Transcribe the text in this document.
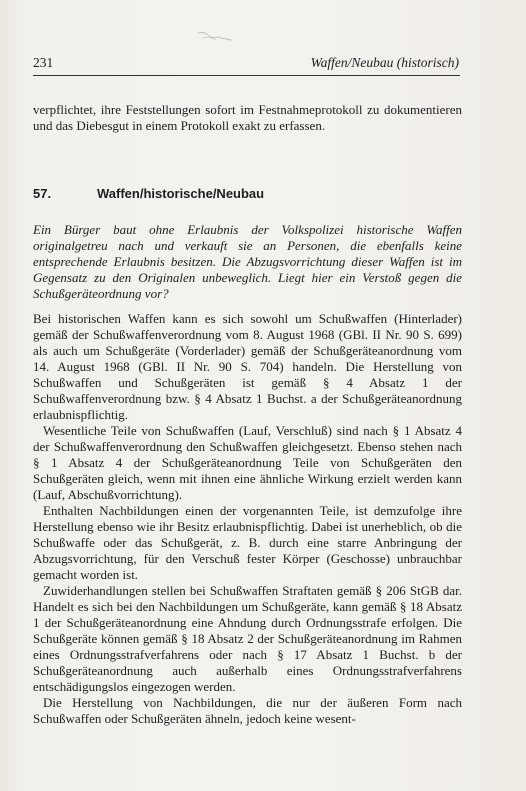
231	Waffen/Neubau (historisch)
verpflichtet, ihre Feststellungen sofort im Festnahmeprotokoll zu dokumentieren und das Diebesgut in einem Protokoll exakt zu erfassen.
57.	Waffen/historische/Neubau
Ein Bürger baut ohne Erlaubnis der Volkspolizei historische Waffen originalgetreu nach und verkauft sie an Personen, die ebenfalls keine entsprechende Erlaubnis besitzen. Die Abzugsvorrichtung dieser Waffen ist im Gegensatz zu den Originalen unbeweglich. Liegt hier ein Verstoß gegen die Schußgeräteordnung vor?

Bei historischen Waffen kann es sich sowohl um Schußwaffen (Hinterlader) gemäß der Schußwaffenverordnung vom 8. August 1968 (GBl. II Nr. 90 S. 699) als auch um Schußgeräte (Vorderlader) gemäß der Schußgeräteanordnung vom 14. August 1968 (GBl. II Nr. 90 S. 704) handeln. Die Herstellung von Schußwaffen und Schußgeräten ist gemäß § 4 Absatz 1 der Schußwaffenverordnung bzw. § 4 Absatz 1 Buchst. a der Schußgeräteanordnung erlaubnispflichtig.

Wesentliche Teile von Schußwaffen (Lauf, Verschluß) sind nach § 1 Absatz 4 der Schußwaffenverordnung den Schußwaffen gleichgesetzt. Ebenso stehen nach § 1 Absatz 4 der Schußgeräteanordnung Teile von Schußgeräten den Schußgeräten gleich, wenn mit ihnen eine ähnliche Wirkung erzielt werden kann (Lauf, Abschußvorrichtung).

Enthalten Nachbildungen einen der vorgenannten Teile, ist demzufolge ihre Herstellung ebenso wie ihr Besitz erlaubnispflichtig. Dabei ist unerheblich, ob die Schußwaffe oder das Schußgerät, z. B. durch eine starre Anbringung der Abzugsvorrichtung, für den Verschuß fester Körper (Geschosse) unbrauchbar gemacht worden ist.

Zuwiderhandlungen stellen bei Schußwaffen Straftaten gemäß § 206 StGB dar. Handelt es sich bei den Nachbildungen um Schußgeräte, kann gemäß § 18 Absatz 1 der Schußgeräteanordnung eine Ahndung durch Ordnungsstrafe erfolgen. Die Schußgeräte können gemäß § 18 Absatz 2 der Schußgeräteanordnung im Rahmen eines Ordnungsstrafverfahrens oder nach § 17 Absatz 1 Buchst. b der Schußgeräteanordnung auch außerhalb eines Ordnungsstrafverfahrens entschädigungslos eingezogen werden.

Die Herstellung von Nachbildungen, die nur der äußeren Form nach Schußwaffen oder Schußgeräten ähneln, jedoch keine wesent-
